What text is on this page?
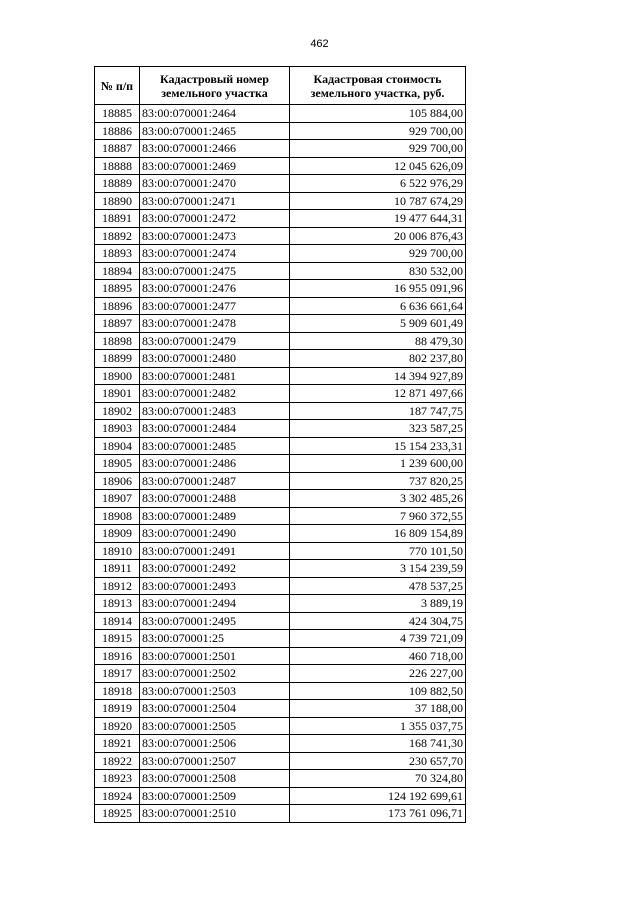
462
№ п/п	Кадастровый номер земельного участка	Кадастровая стоимость земельного участка, руб.
18885	83:00:070001:2464	105 884,00
18886	83:00:070001:2465	929 700,00
18887	83:00:070001:2466	929 700,00
18888	83:00:070001:2469	12 045 626,09
18889	83:00:070001:2470	6 522 976,29
18890	83:00:070001:2471	10 787 674,29
18891	83:00:070001:2472	19 477 644,31
18892	83:00:070001:2473	20 006 876,43
18893	83:00:070001:2474	929 700,00
18894	83:00:070001:2475	830 532,00
18895	83:00:070001:2476	16 955 091,96
18896	83:00:070001:2477	6 636 661,64
18897	83:00:070001:2478	5 909 601,49
18898	83:00:070001:2479	88 479,30
18899	83:00:070001:2480	802 237,80
18900	83:00:070001:2481	14 394 927,89
18901	83:00:070001:2482	12 871 497,66
18902	83:00:070001:2483	187 747,75
18903	83:00:070001:2484	323 587,25
18904	83:00:070001:2485	15 154 233,31
18905	83:00:070001:2486	1 239 600,00
18906	83:00:070001:2487	737 820,25
18907	83:00:070001:2488	3 302 485,26
18908	83:00:070001:2489	7 960 372,55
18909	83:00:070001:2490	16 809 154,89
18910	83:00:070001:2491	770 101,50
18911	83:00:070001:2492	3 154 239,59
18912	83:00:070001:2493	478 537,25
18913	83:00:070001:2494	3 889,19
18914	83:00:070001:2495	424 304,75
18915	83:00:070001:25	4 739 721,09
18916	83:00:070001:2501	460 718,00
18917	83:00:070001:2502	226 227,00
18918	83:00:070001:2503	109 882,50
18919	83:00:070001:2504	37 188,00
18920	83:00:070001:2505	1 355 037,75
18921	83:00:070001:2506	168 741,30
18922	83:00:070001:2507	230 657,70
18923	83:00:070001:2508	70 324,80
18924	83:00:070001:2509	124 192 699,61
18925	83:00:070001:2510	173 761 096,71
